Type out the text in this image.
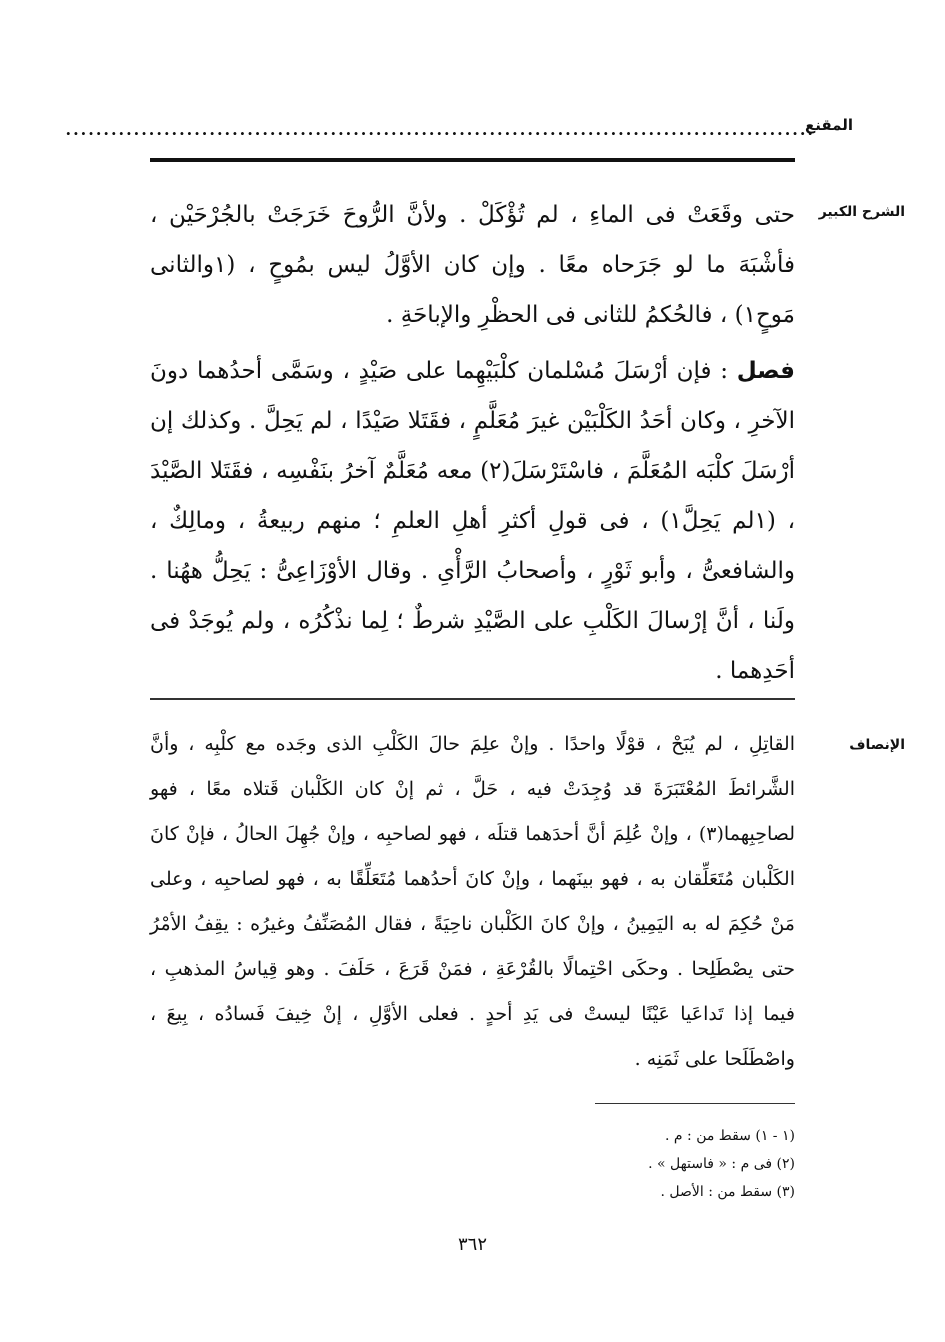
المقنع
...................................................................................................
الشرح الكبير

حتى وقَعَتْ فى الماءِ ، لم تُؤْكَلْ . ولأنَّ الرُّوحَ خَرَجَتْ بالجُرْحَيْن ، فأشْبَهَ ما لو جَرَحاه معًا . وإن كان الأوَّلُ ليس بمُوحٍ ، (١والثانى مَوحٍ١) ، فالحُكمُ للثانى فى الحظْرِ والإباحَةِ .

فصل : فإن أرْسَلَ مُسْلمان كلْبَيْهِما على صَيْدٍ ، وسَمَّى أحدُهما دونَ الآخرِ ، وكان أحَدُ الكَلْبَيْن غيرَ مُعَلَّمٍ ، فقَتَلا صَيْدًا ، لم يَحِلَّ . وكذلك إن أرْسَلَ كلْبَه المُعَلَّمَ ، فاسْتَرْسَلَ(٢) معه مُعَلَّمٌ آخرُ بنَفْسِه ، فقَتَلا الصَّيْدَ ، (١لم يَحِلَّ١) ، فى قولِ أكثرِ أهلِ العلمِ ؛ منهم ربيعةُ ، ومالِكٌ ، والشافعىُّ ، وأبو ثَوْرٍ ، وأصحابُ الرَّأْىِ . وقال الأوْزَاعِىُّ : يَحِلُّ ههُنا . ولَنا ، أنَّ إرْسالَ الكَلْبِ على الصَّيْدِ شرطٌ ؛ لِما نذْكُرُه ، ولم يُوجَدْ فى أحَدِهما .

الإنصاف

القاتِلِ ، لم يُبَحْ ، قوْلًا واحدًا . وإنْ علِمَ حالَ الكَلْبِ الذى وجَده مع كلْبِه ، وأنَّ الشَّرائطَ المُعْتَبَرَةَ قد وُجِدَتْ فيه ، حَلَّ ، ثم إنْ كان الكَلْبان قَتلاه معًا ، فهو لصاحِبِهما(٣) ، وإنْ عُلِمَ أنَّ أحدَهما قتلَه ، فهو لصاحبِه ، وإنْ جُهِلَ الحالُ ، فإنْ كانَ الكَلْبان مُتَعَلِّقان به ، فهو بينَهما ، وإنْ كانَ أحدُهما مُتَعَلِّقًا به ، فهو لصاحبِه ، وعلى مَنْ حُكِمَ له به اليَمِينُ ، وإنْ كانَ الكَلْبان ناحِيَةً ، فقال المُصَنِّفُ وغيرُه : يقِفُ الأمْرُ حتى يصْطَلِحا . وحكَى احْتِمالًا بالقُرْعَةِ ، فمَنْ قَرَعَ ، حَلَفَ . وهو قِياسُ المذهبِ ، فيما إذا تَداعَيا عَيْنًا ليستْ فى يَدِ أحدٍ . فعلى الأوَّلِ ، إنْ خِيفَ فَسادُه ، بِيعَ ، واصْطَلَحا على ثَمَنِه .

(١ - ١) سقط من : م .

(٢) فى م : « فاستهل » .

(٣) سقط من : الأصل .

٣٦٢
